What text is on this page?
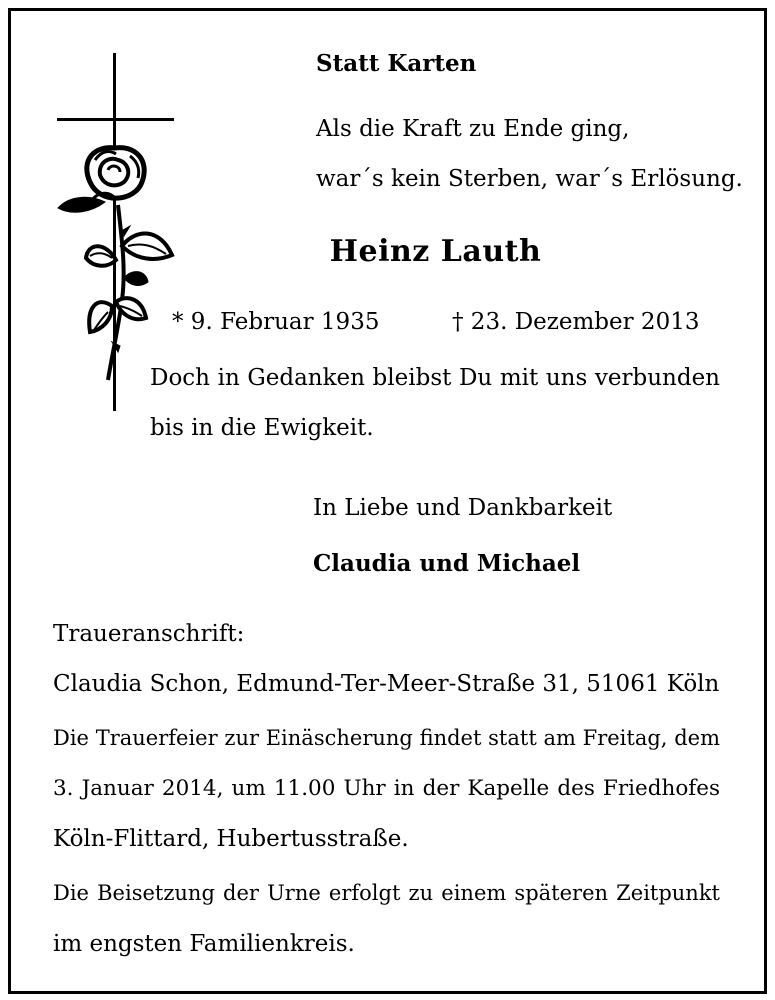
Statt Karten
Als die Kraft zu Ende ging,
war´s kein Sterben, war´s Erlösung.
Heinz Lauth
* 9. Februar 1935	† 23. Dezember 2013
Doch in Gedanken bleibst Du mit uns verbunden
bis in die Ewigkeit.
In Liebe und Dankbarkeit
Claudia und Michael
Traueranschrift:
Claudia Schon, Edmund-Ter-Meer-Straße 31, 51061 Köln
Die Trauerfeier zur Einäscherung findet statt am Freitag, dem
3. Januar 2014, um 11.00 Uhr in der Kapelle des Friedhofes
Köln-Flittard, Hubertusstraße.
Die Beisetzung der Urne erfolgt zu einem späteren Zeitpunkt
im engsten Familienkreis.
